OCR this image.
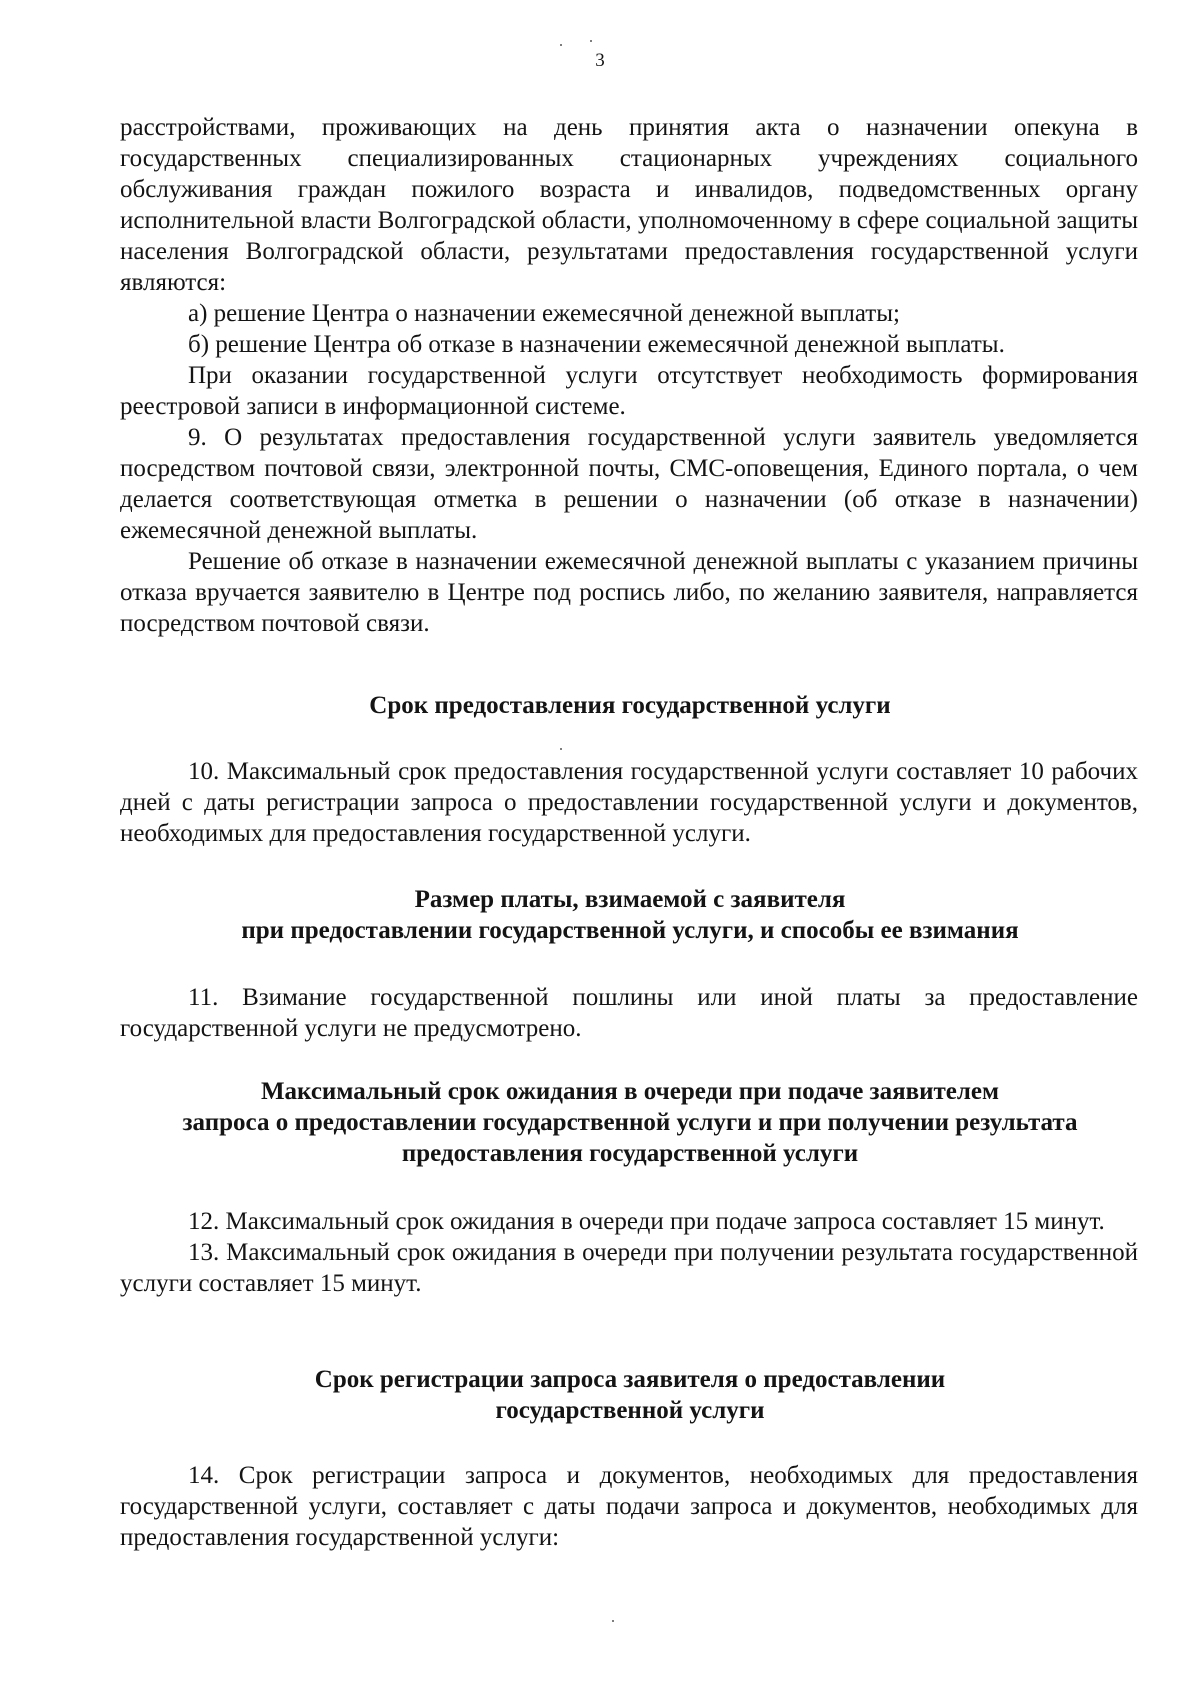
3

расстройствами, проживающих на день принятия акта о назначении опекуна в государственных специализированных стационарных учреждениях социального обслуживания граждан пожилого возраста и инвалидов, подведомственных органу исполнительной власти Волгоградской области, уполномоченному в сфере социальной защиты населения Волгоградской области, результатами предоставления государственной услуги являются:

а) решение Центра о назначении ежемесячной денежной выплаты;

б) решение Центра об отказе в назначении ежемесячной денежной выплаты.

При оказании государственной услуги отсутствует необходимость формирования реестровой записи в информационной системе.

9. О результатах предоставления государственной услуги заявитель уведомляется посредством почтовой связи, электронной почты, СМС-оповещения, Единого портала, о чем делается соответствующая отметка в решении о назначении (об отказе в назначении) ежемесячной денежной выплаты.

Решение об отказе в назначении ежемесячной денежной выплаты с указанием причины отказа вручается заявителю в Центре под роспись либо, по желанию заявителя, направляется посредством почтовой связи.

Срок предоставления государственной услуги

10. Максимальный срок предоставления государственной услуги составляет 10 рабочих дней с даты регистрации запроса о предоставлении государственной услуги и документов, необходимых для предоставления государственной услуги.

Размер платы, взимаемой с заявителя
при предоставлении государственной услуги, и способы ее взимания

11. Взимание государственной пошлины или иной платы за предоставление государственной услуги не предусмотрено.

Максимальный срок ожидания в очереди при подаче заявителем
запроса о предоставлении государственной услуги и при получении результата
предоставления государственной услуги

12. Максимальный срок ожидания в очереди при подаче запроса составляет 15 минут.

13. Максимальный срок ожидания в очереди при получении результата государственной услуги составляет 15 минут.

Срок регистрации запроса заявителя о предоставлении
государственной услуги

14. Срок регистрации запроса и документов, необходимых для предоставления государственной услуги, составляет с даты подачи запроса и документов, необходимых для предоставления государственной услуги:
